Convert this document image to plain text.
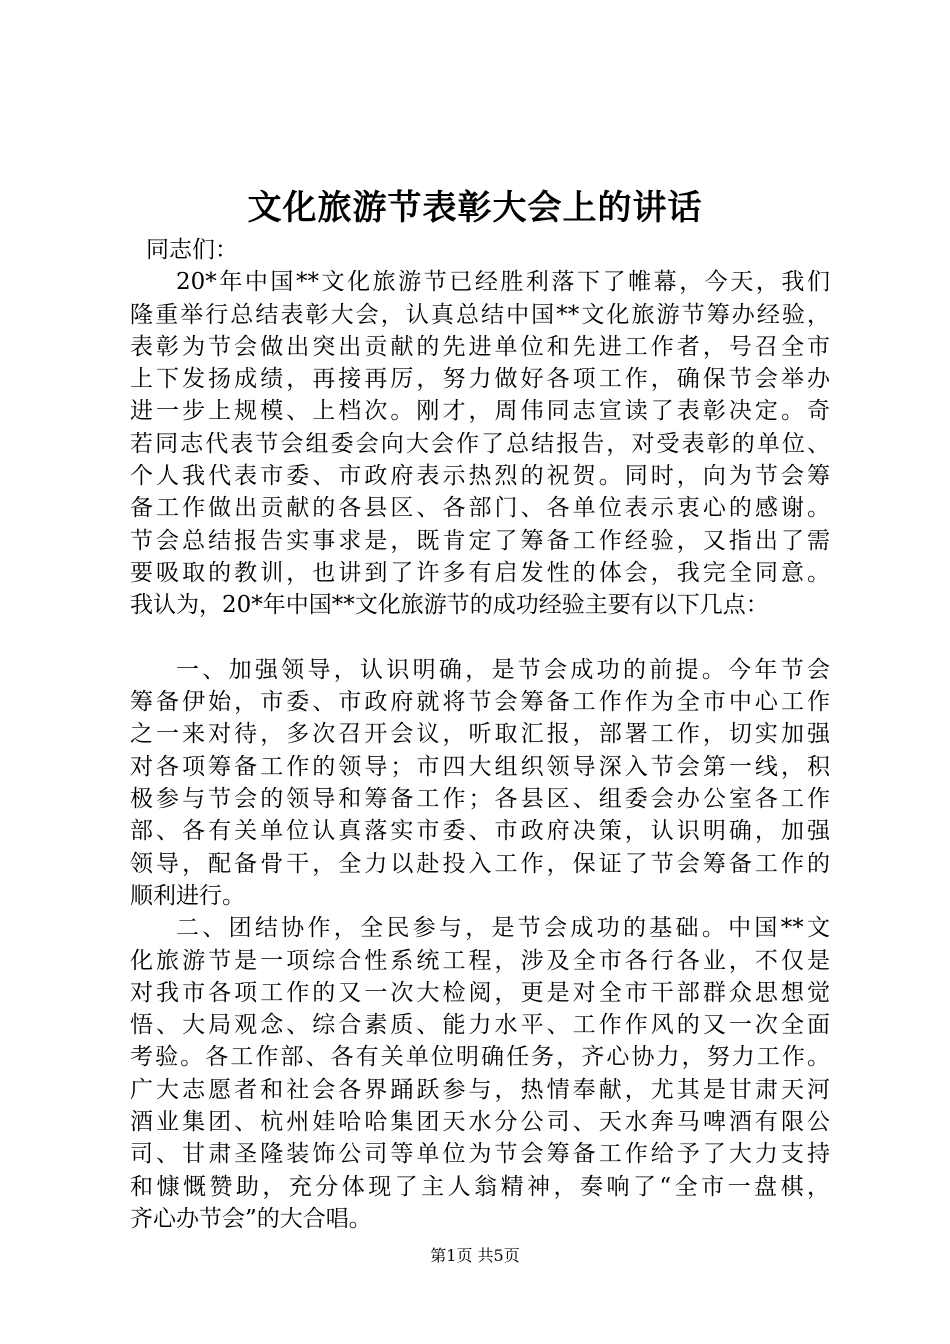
文化旅游节表彰大会上的讲话
同志们：
20*年中国**文化旅游节已经胜利落下了帷幕，今天，我们
隆重举行总结表彰大会，认真总结中国**文化旅游节筹办经验，
表彰为节会做出突出贡献的先进单位和先进工作者，号召全市
上下发扬成绩，再接再厉，努力做好各项工作，确保节会举办
进一步上规模、上档次。刚才，周伟同志宣读了表彰决定。奇
若同志代表节会组委会向大会作了总结报告，对受表彰的单位、
个人我代表市委、市政府表示热烈的祝贺。同时，向为节会筹
备工作做出贡献的各县区、各部门、各单位表示衷心的感谢。
节会总结报告实事求是，既肯定了筹备工作经验，又指出了需
要吸取的教训，也讲到了许多有启发性的体会，我完全同意。
我认为，20*年中国**文化旅游节的成功经验主要有以下几点：
一、加强领导，认识明确，是节会成功的前提。今年节会
筹备伊始，市委、市政府就将节会筹备工作作为全市中心工作
之一来对待，多次召开会议，听取汇报，部署工作，切实加强
对各项筹备工作的领导；市四大组织领导深入节会第一线，积
极参与节会的领导和筹备工作；各县区、组委会办公室各工作
部、各有关单位认真落实市委、市政府决策，认识明确，加强
领导，配备骨干，全力以赴投入工作，保证了节会筹备工作的
顺利进行。
二、团结协作，全民参与，是节会成功的基础。中国**文
化旅游节是一项综合性系统工程，涉及全市各行各业，不仅是
对我市各项工作的又一次大检阅，更是对全市干部群众思想觉
悟、大局观念、综合素质、能力水平、工作作风的又一次全面
考验。各工作部、各有关单位明确任务，齐心协力，努力工作。
广大志愿者和社会各界踊跃参与，热情奉献，尤其是甘肃天河
酒业集团、杭州娃哈哈集团天水分公司、天水奔马啤酒有限公
司、甘肃圣隆装饰公司等单位为节会筹备工作给予了大力支持
和慷慨赞助，充分体现了主人翁精神，奏响了“全市一盘棋，
齐心办节会”的大合唱。
第1页 共5页
